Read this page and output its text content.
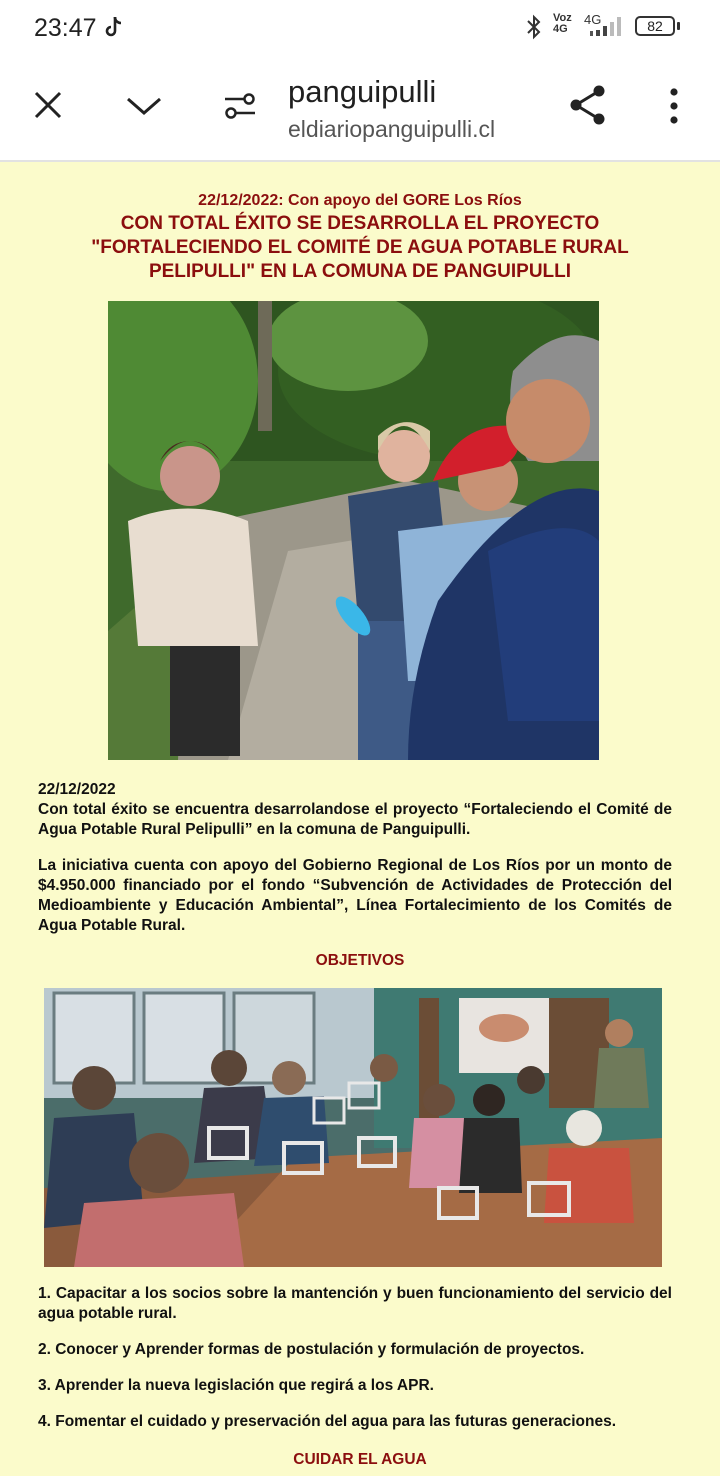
23:47	Voz
4G
4G	82
panguipulli
eldiariopanguipulli.cl
22/12/2022: Con apoyo del GORE Los Ríos
CON TOTAL ÉXITO SE DESARROLLA EL PROYECTO "FORTALECIENDO EL COMITÉ DE AGUA POTABLE RURAL PELIPULLI" EN LA COMUNA DE PANGUIPULLI
22/12/2022
Con total éxito se encuentra desarrolandose el proyecto “Fortaleciendo el Comité de Agua Potable Rural Pelipulli” en la comuna de Panguipulli.
La iniciativa cuenta con apoyo del Gobierno Regional de Los Ríos por un monto de $4.950.000 financiado por el fondo “Subvención de Actividades de Protección del Medioambiente y Educación Ambiental”, Línea Fortalecimiento de los Comités de Agua Potable Rural.
OBJETIVOS
1. Capacitar a los socios sobre la mantención y buen funcionamiento del servicio del agua potable rural.
2. Conocer y Aprender formas de postulación y formulación de proyectos.
3. Aprender la nueva legislación que regirá a los APR.
4. Fomentar el cuidado y preservación del agua para las futuras generaciones.
CUIDAR EL AGUA
